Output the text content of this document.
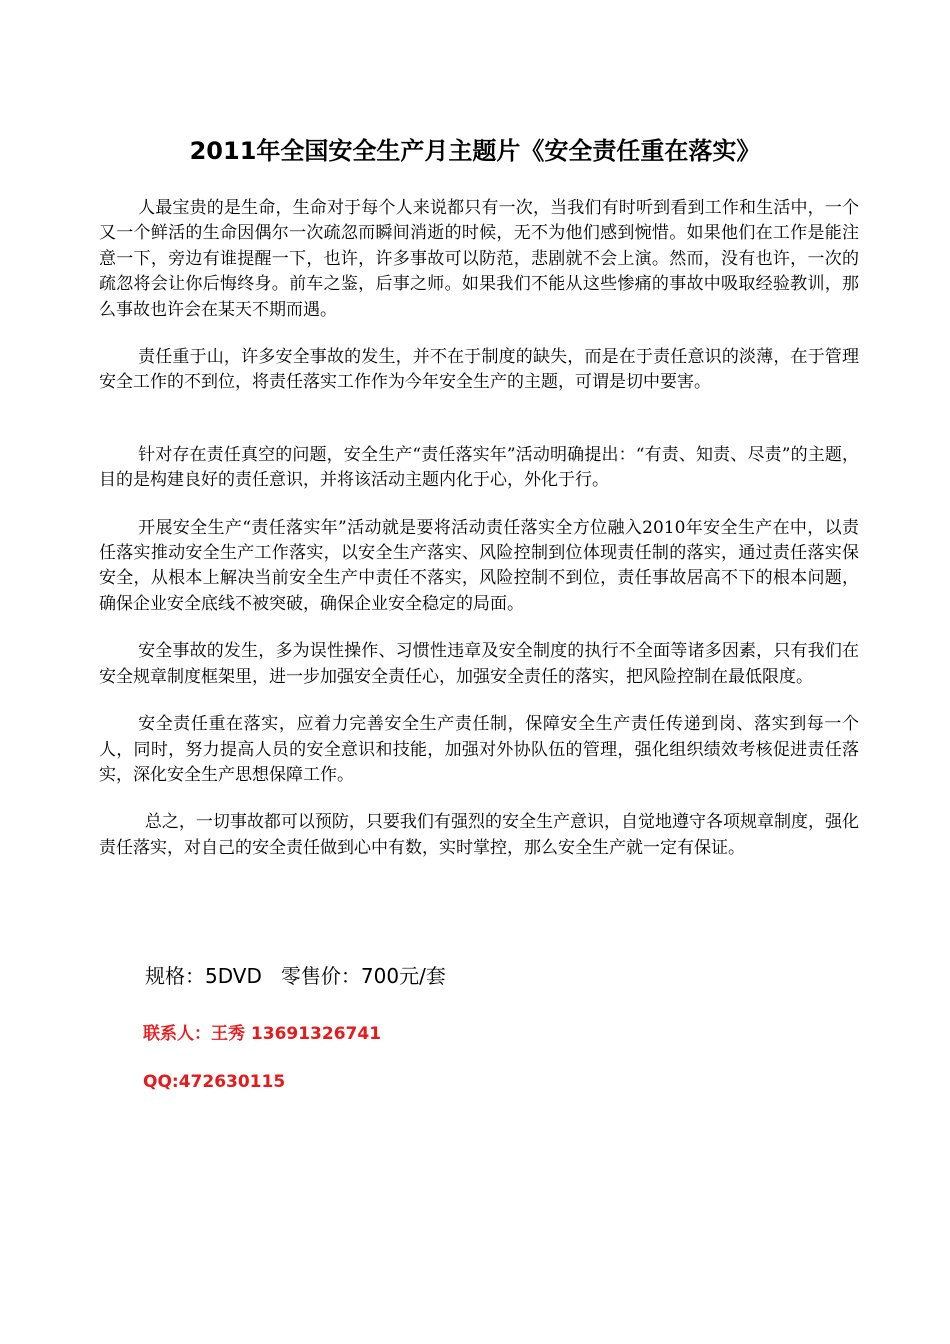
2011年全国安全生产月主题片《安全责任重在落实》

人最宝贵的是生命，生命对于每个人来说都只有一次，当我们有时听到看到工作和生活中，一个又一个鲜活的生命因偶尔一次疏忽而瞬间消逝的时候，无不为他们感到惋惜。如果他们在工作是能注意一下，旁边有谁提醒一下，也许，许多事故可以防范，悲剧就不会上演。然而，没有也许，一次的疏忽将会让你后悔终身。前车之鉴，后事之师。如果我们不能从这些惨痛的事故中吸取经验教训，那么事故也许会在某天不期而遇。

责任重于山，许多安全事故的发生，并不在于制度的缺失，而是在于责任意识的淡薄，在于管理安全工作的不到位，将责任落实工作作为今年安全生产的主题，可谓是切中要害。

针对存在责任真空的问题，安全生产“责任落实年”活动明确提出：“有责、知责、尽责”的主题，目的是构建良好的责任意识，并将该活动主题内化于心，外化于行。

开展安全生产“责任落实年”活动就是要将活动责任落实全方位融入2010年安全生产在中，以责任落实推动安全生产工作落实，以安全生产落实、风险控制到位体现责任制的落实，通过责任落实保安全，从根本上解决当前安全生产中责任不落实，风险控制不到位，责任事故居高不下的根本问题，确保企业安全底线不被突破，确保企业安全稳定的局面。

安全事故的发生，多为误性操作、习惯性违章及安全制度的执行不全面等诸多因素，只有我们在安全规章制度框架里，进一步加强安全责任心，加强安全责任的落实，把风险控制在最低限度。

安全责任重在落实，应着力完善安全生产责任制，保障安全生产责任传递到岗、落实到每一个人，同时，努力提高人员的安全意识和技能，加强对外协队伍的管理，强化组织绩效考核促进责任落实，深化安全生产思想保障工作。

总之，一切事故都可以预防，只要我们有强烈的安全生产意识，自觉地遵守各项规章制度，强化责任落实，对自己的安全责任做到心中有数，实时掌控，那么安全生产就一定有保证。

规格：5DVD   零售价：700元/套

联系人：王秀 13691326741

QQ:472630115
